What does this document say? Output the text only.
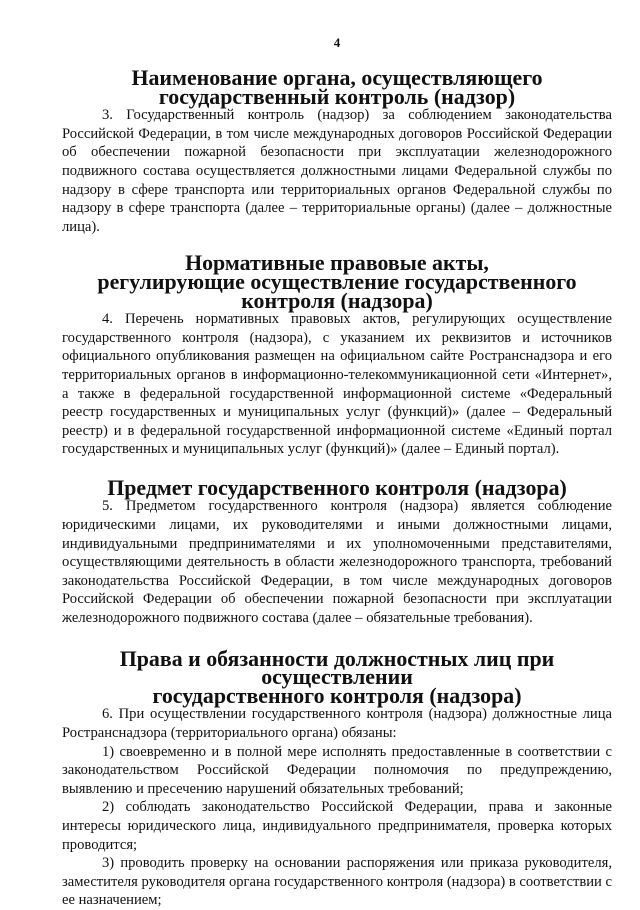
4
Наименование органа, осуществляющего государственный контроль (надзор)

3. Государственный контроль (надзор) за соблюдением законодательства Российской Федерации, в том числе международных договоров Российской Федерации об обеспечении пожарной безопасности при эксплуатации железнодорожного подвижного состава осуществляется должностными лицами Федеральной службы по надзору в сфере транспорта или территориальных органов Федеральной службы по надзору в сфере транспорта (далее – территориальные органы) (далее – должностные лица).

Нормативные правовые акты,
регулирующие осуществление государственного контроля (надзора)

4. Перечень нормативных правовых актов, регулирующих осуществление государственного контроля (надзора), с указанием их реквизитов и источников официального опубликования размещен на официальном сайте Ространснадзора и его территориальных органов в информационно-телекоммуникационной сети «Интернет», а также в федеральной государственной информационной системе «Федеральный реестр государственных и муниципальных услуг (функций)» (далее – Федеральный реестр) и в федеральной государственной информационной системе «Единый портал государственных и муниципальных услуг (функций)» (далее – Единый портал).

Предмет государственного контроля (надзора)

5. Предметом государственного контроля (надзора) является соблюдение юридическими лицами, их руководителями и иными должностными лицами, индивидуальными предпринимателями и их уполномоченными представителями, осуществляющими деятельность в области железнодорожного транспорта, требований законодательства Российской Федерации, в том числе международных договоров Российской Федерации об обеспечении пожарной безопасности при эксплуатации железнодорожного подвижного состава (далее – обязательные требования).

Права и обязанности должностных лиц при осуществлении
государственного контроля (надзора)

6. При осуществлении государственного контроля (надзора) должностные лица Ространснадзора (территориального органа) обязаны:

1) своевременно и в полной мере исполнять предоставленные в соответствии с законодательством Российской Федерации полномочия по предупреждению, выявлению и пресечению нарушений обязательных требований;

2) соблюдать законодательство Российской Федерации, права и законные интересы юридического лица, индивидуального предпринимателя, проверка которых проводится;

3) проводить проверку на основании распоряжения или приказа руководителя, заместителя руководителя органа государственного контроля (надзора) в соответствии с ее назначением;
